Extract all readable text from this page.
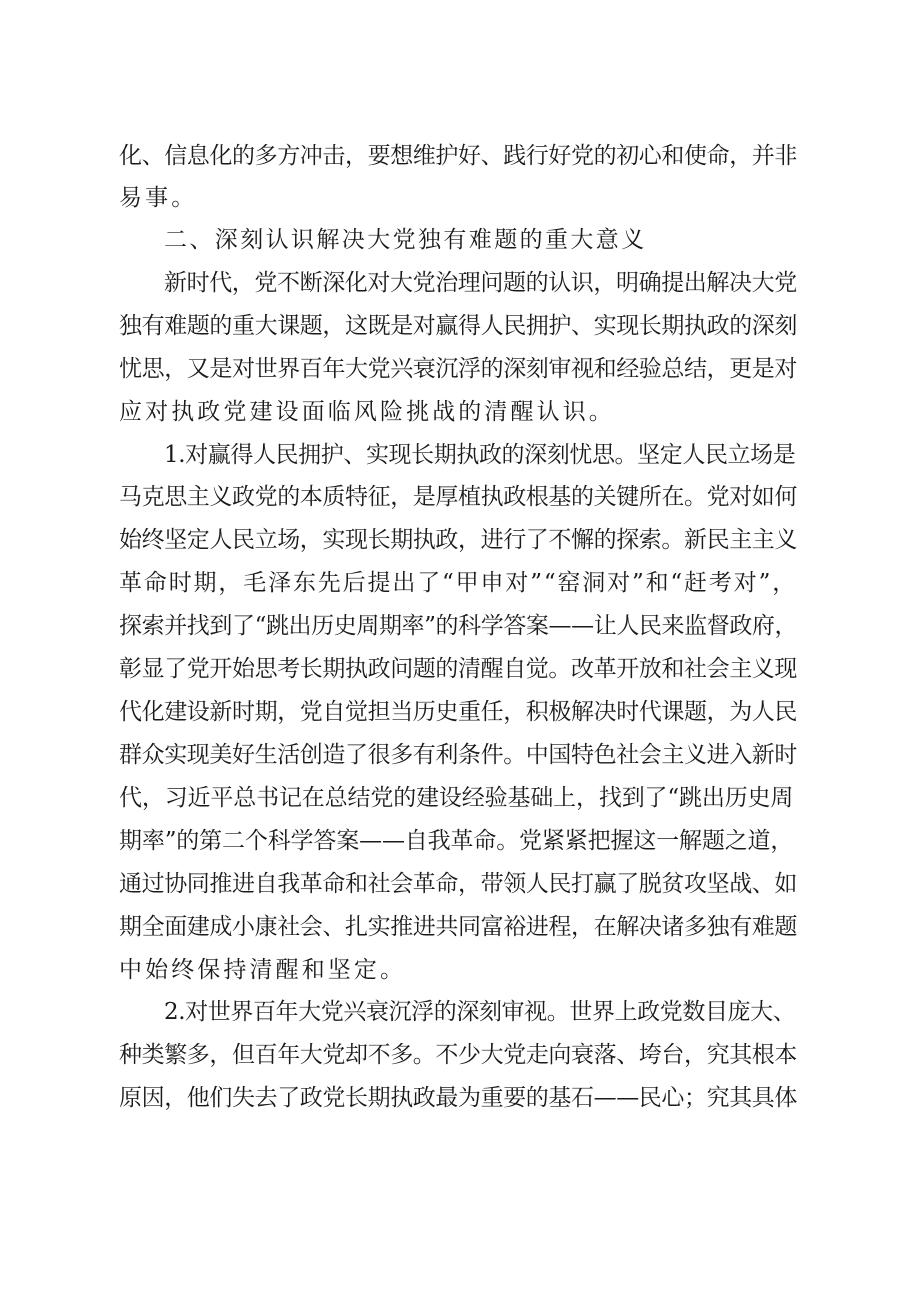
化、信息化的多方冲击，要想维护好、践行好党的初心和使命，并非
易事。
二、深刻认识解决大党独有难题的重大意义
新时代，党不断深化对大党治理问题的认识，明确提出解决大党
独有难题的重大课题，这既是对赢得人民拥护、实现长期执政的深刻
忧思，又是对世界百年大党兴衰沉浮的深刻审视和经验总结，更是对
应对执政党建设面临风险挑战的清醒认识。
1.对赢得人民拥护、实现长期执政的深刻忧思。坚定人民立场是
马克思主义政党的本质特征，是厚植执政根基的关键所在。党对如何
始终坚定人民立场，实现长期执政，进行了不懈的探索。新民主主义
革命时期，毛泽东先后提出了“甲申对”“窑洞对”和“赶考对”，
探索并找到了“跳出历史周期率”的科学答案——让人民来监督政府，
彰显了党开始思考长期执政问题的清醒自觉。改革开放和社会主义现
代化建设新时期，党自觉担当历史重任，积极解决时代课题，为人民
群众实现美好生活创造了很多有利条件。中国特色社会主义进入新时
代，习近平总书记在总结党的建设经验基础上，找到了“跳出历史周
期率”的第二个科学答案——自我革命。党紧紧把握这一解题之道，
通过协同推进自我革命和社会革命，带领人民打赢了脱贫攻坚战、如
期全面建成小康社会、扎实推进共同富裕进程，在解决诸多独有难题
中始终保持清醒和坚定。
2.对世界百年大党兴衰沉浮的深刻审视。世界上政党数目庞大、
种类繁多，但百年大党却不多。不少大党走向衰落、垮台，究其根本
原因，他们失去了政党长期执政最为重要的基石——民心；究其具体
